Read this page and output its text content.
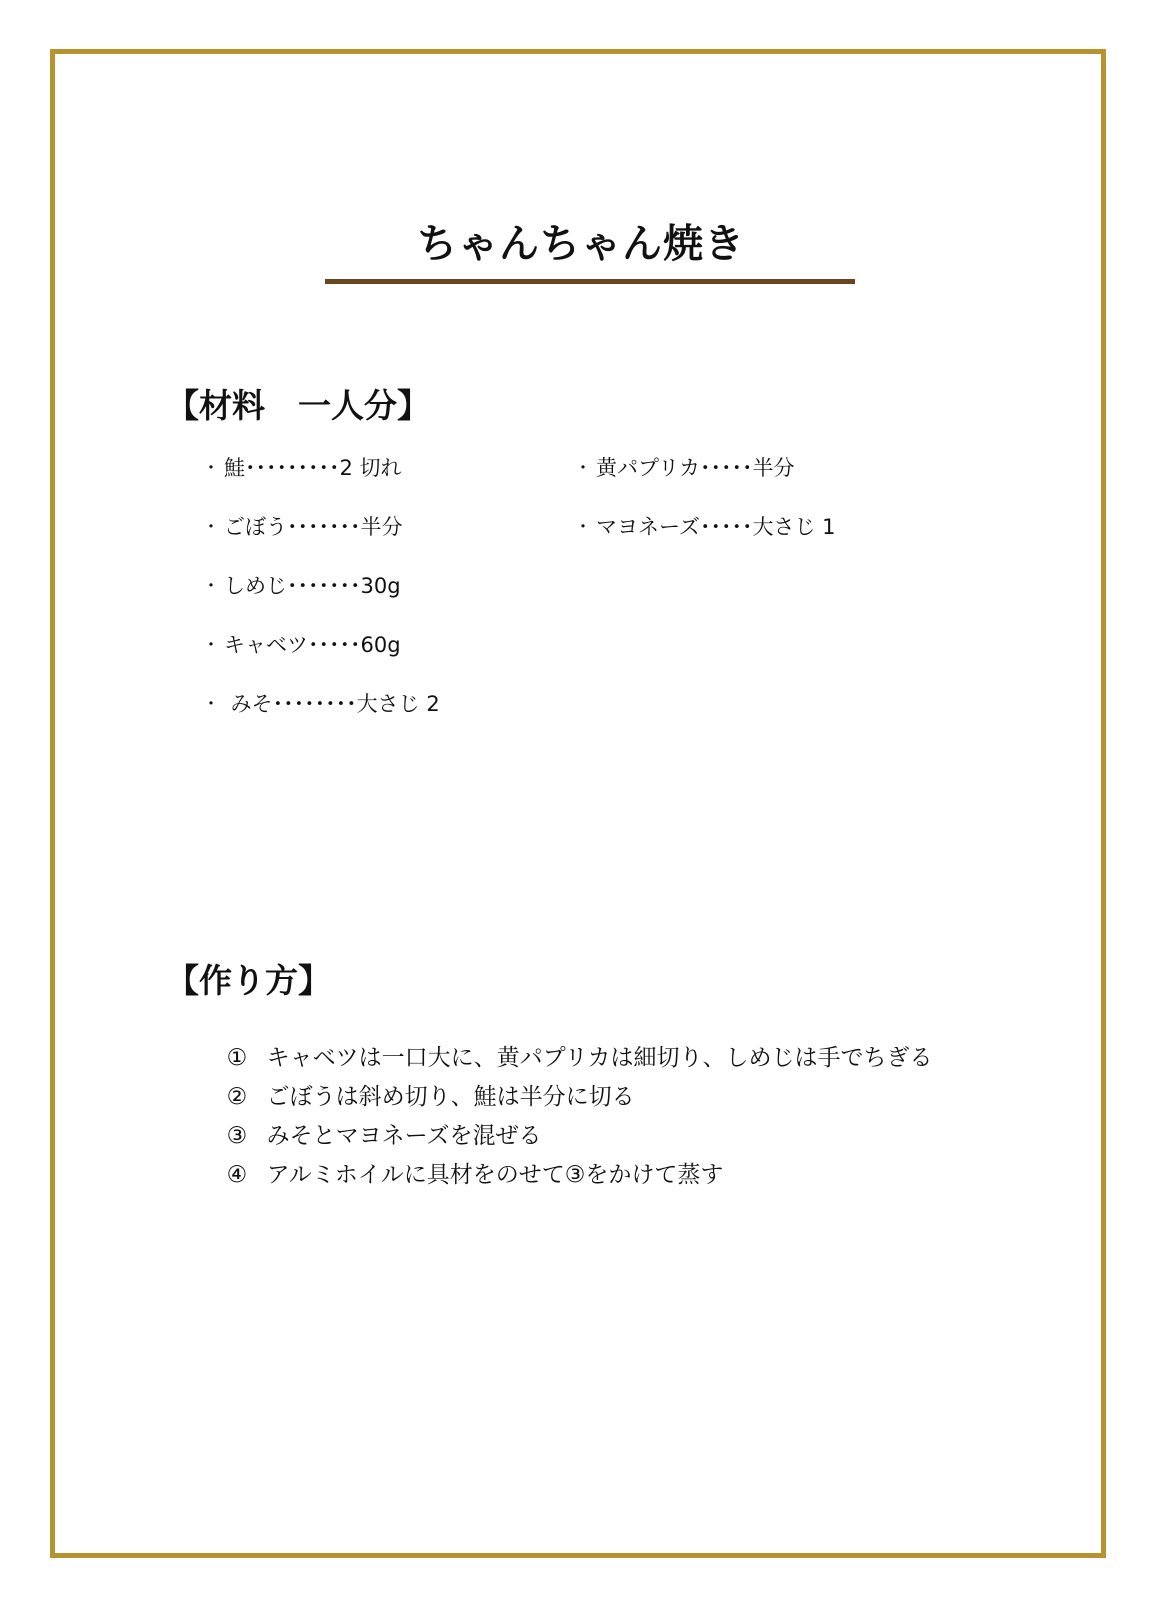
ちゃんちゃん焼き
【材料　一人分】
・ 鮭･････････2 切れ
・ ごぼう･･･････半分
・ しめじ･･･････30g
・ キャベツ･････60g
・ みそ････････大さじ 2
・ 黄パプリカ･････半分
・ マヨネーズ･････大さじ 1
【作り方】

① キャベツは一口大に、黄パプリカは細切り、しめじは手でちぎる

② ごぼうは斜め切り、鮭は半分に切る

③ みそとマヨネーズを混ぜる

④ アルミホイルに具材をのせて③をかけて蒸す
